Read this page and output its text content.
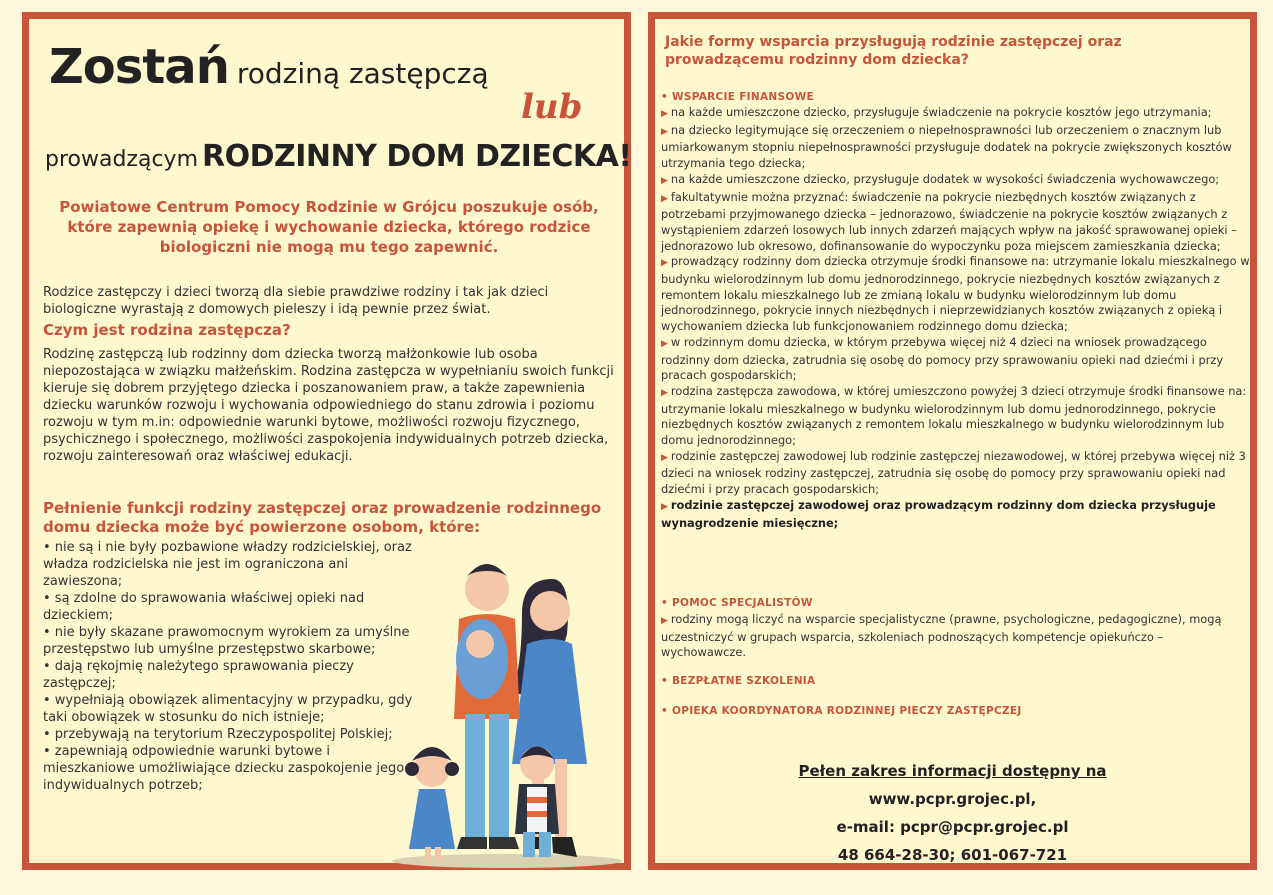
Zostań rodziną zastępczą
lub
prowadzącym RODZINNY DOM DZIECKA!
Powiatowe Centrum Pomocy Rodzinie w Grójcu poszukuje osób, które zapewnią opiekę i wychowanie dziecka, którego rodzice biologiczni nie mogą mu tego zapewnić.
Rodzice zastępczy i dzieci tworzą dla siebie prawdziwe rodziny i tak jak dzieci biologiczne wyrastają z domowych pieleszy i idą pewnie przez świat.
Czym jest rodzina zastępcza?
Rodzinę zastępczą lub rodzinny dom dziecka tworzą małżonkowie lub osoba niepozostająca w związku małżeńskim. Rodzina zastępcza w wypełnianiu swoich funkcji kieruje się dobrem przyjętego dziecka i poszanowaniem praw, a także zapewnienia dziecku warunków rozwoju i wychowania odpowiedniego do stanu zdrowia i poziomu rozwoju w tym m.in: odpowiednie warunki bytowe, możliwości rozwoju fizycznego, psychicznego i społecznego, możliwości zaspokojenia indywidualnych potrzeb dziecka, rozwoju zainteresowań oraz właściwej edukacji.
Pełnienie funkcji rodziny zastępczej oraz prowadzenie rodzinnego domu dziecka może być powierzone osobom, które:
• nie są i nie były pozbawione władzy rodzicielskiej, oraz władza rodzicielska nie jest im ograniczona ani zawieszona;
• są zdolne do sprawowania właściwej opieki nad dzieckiem;
• nie były skazane prawomocnym wyrokiem za umyślne przestępstwo lub umyślne przestępstwo skarbowe;
• dają rękojmię należytego sprawowania pieczy zastępczej;
• wypełniają obowiązek alimentacyjny w przypadku, gdy taki obowiązek w stosunku do nich istnieje;
• przebywają na terytorium Rzeczypospolitej Polskiej;
• zapewniają odpowiednie warunki bytowe i mieszkaniowe umożliwiające dziecku zaspokojenie jego indywidualnych potrzeb;
Jakie formy wsparcia przysługują rodzinie zastępczej oraz prowadzącemu rodzinny dom dziecka?
• WSPARCIE FINANSOWE
▶ na każde umieszczone dziecko, przysługuje świadczenie na pokrycie kosztów jego utrzymania;
▶ na dziecko legitymujące się orzeczeniem o niepełnosprawności lub orzeczeniem o znacznym lub umiarkowanym stopniu niepełnosprawności przysługuje dodatek na pokrycie zwiększonych kosztów utrzymania tego dziecka;
▶ na każde umieszczone dziecko, przysługuje dodatek w wysokości świadczenia wychowawczego;
▶ fakultatywnie można przyznać: świadczenie na pokrycie niezbędnych kosztów związanych z potrzebami przyjmowanego dziecka – jednorazowo, świadczenie na pokrycie kosztów związanych z wystąpieniem zdarzeń losowych lub innych zdarzeń mających wpływ na jakość sprawowanej opieki – jednorazowo lub okresowo, dofinansowanie do wypoczynku poza miejscem zamieszkania dziecka;
▶ prowadzący rodzinny dom dziecka otrzymuje środki finansowe na: utrzymanie lokalu mieszkalnego w budynku wielorodzinnym lub domu jednorodzinnego, pokrycie niezbędnych kosztów związanych z remontem lokalu mieszkalnego lub ze zmianą lokalu w budynku wielorodzinnym lub domu jednorodzinnego, pokrycie innych niezbędnych i nieprzewidzianych kosztów związanych z opieką i wychowaniem dziecka lub funkcjonowaniem rodzinnego domu dziecka;
▶ w rodzinnym domu dziecka, w którym przebywa więcej niż 4 dzieci na wniosek prowadzącego rodzinny dom dziecka, zatrudnia się osobę do pomocy przy sprawowaniu opieki nad dziećmi i przy pracach gospodarskich;
▶ rodzina zastępcza zawodowa, w której umieszczono powyżej 3 dzieci otrzymuje środki finansowe na: utrzymanie lokalu mieszkalnego w budynku wielorodzinnym lub domu jednorodzinnego, pokrycie niezbędnych kosztów związanych z remontem lokalu mieszkalnego w budynku wielorodzinnym lub domu jednorodzinnego;
▶ rodzinie zastępczej zawodowej lub rodzinie zastępczej niezawodowej, w której przebywa więcej niż 3 dzieci na wniosek rodziny zastępczej, zatrudnia się osobę do pomocy przy sprawowaniu opieki nad dziećmi i przy pracach gospodarskich;
▶ rodzinie zastępczej zawodowej oraz prowadzącym rodzinny dom dziecka przysługuje wynagrodzenie miesięczne;
• POMOC SPECJALISTÓW
▶ rodziny mogą liczyć na wsparcie specjalistyczne (prawne, psychologiczne, pedagogiczne), mogą uczestniczyć w grupach wsparcia, szkoleniach podnoszących kompetencje opiekuńczo – wychowawcze.
• BEZPŁATNE SZKOLENIA
• OPIEKA KOORDYNATORA RODZINNEJ PIECZY ZASTĘPCZEJ
Pełen zakres informacji dostępny na
www.pcpr.grojec.pl,
e-mail: pcpr@pcpr.grojec.pl
48 664-28-30; 601-067-721
